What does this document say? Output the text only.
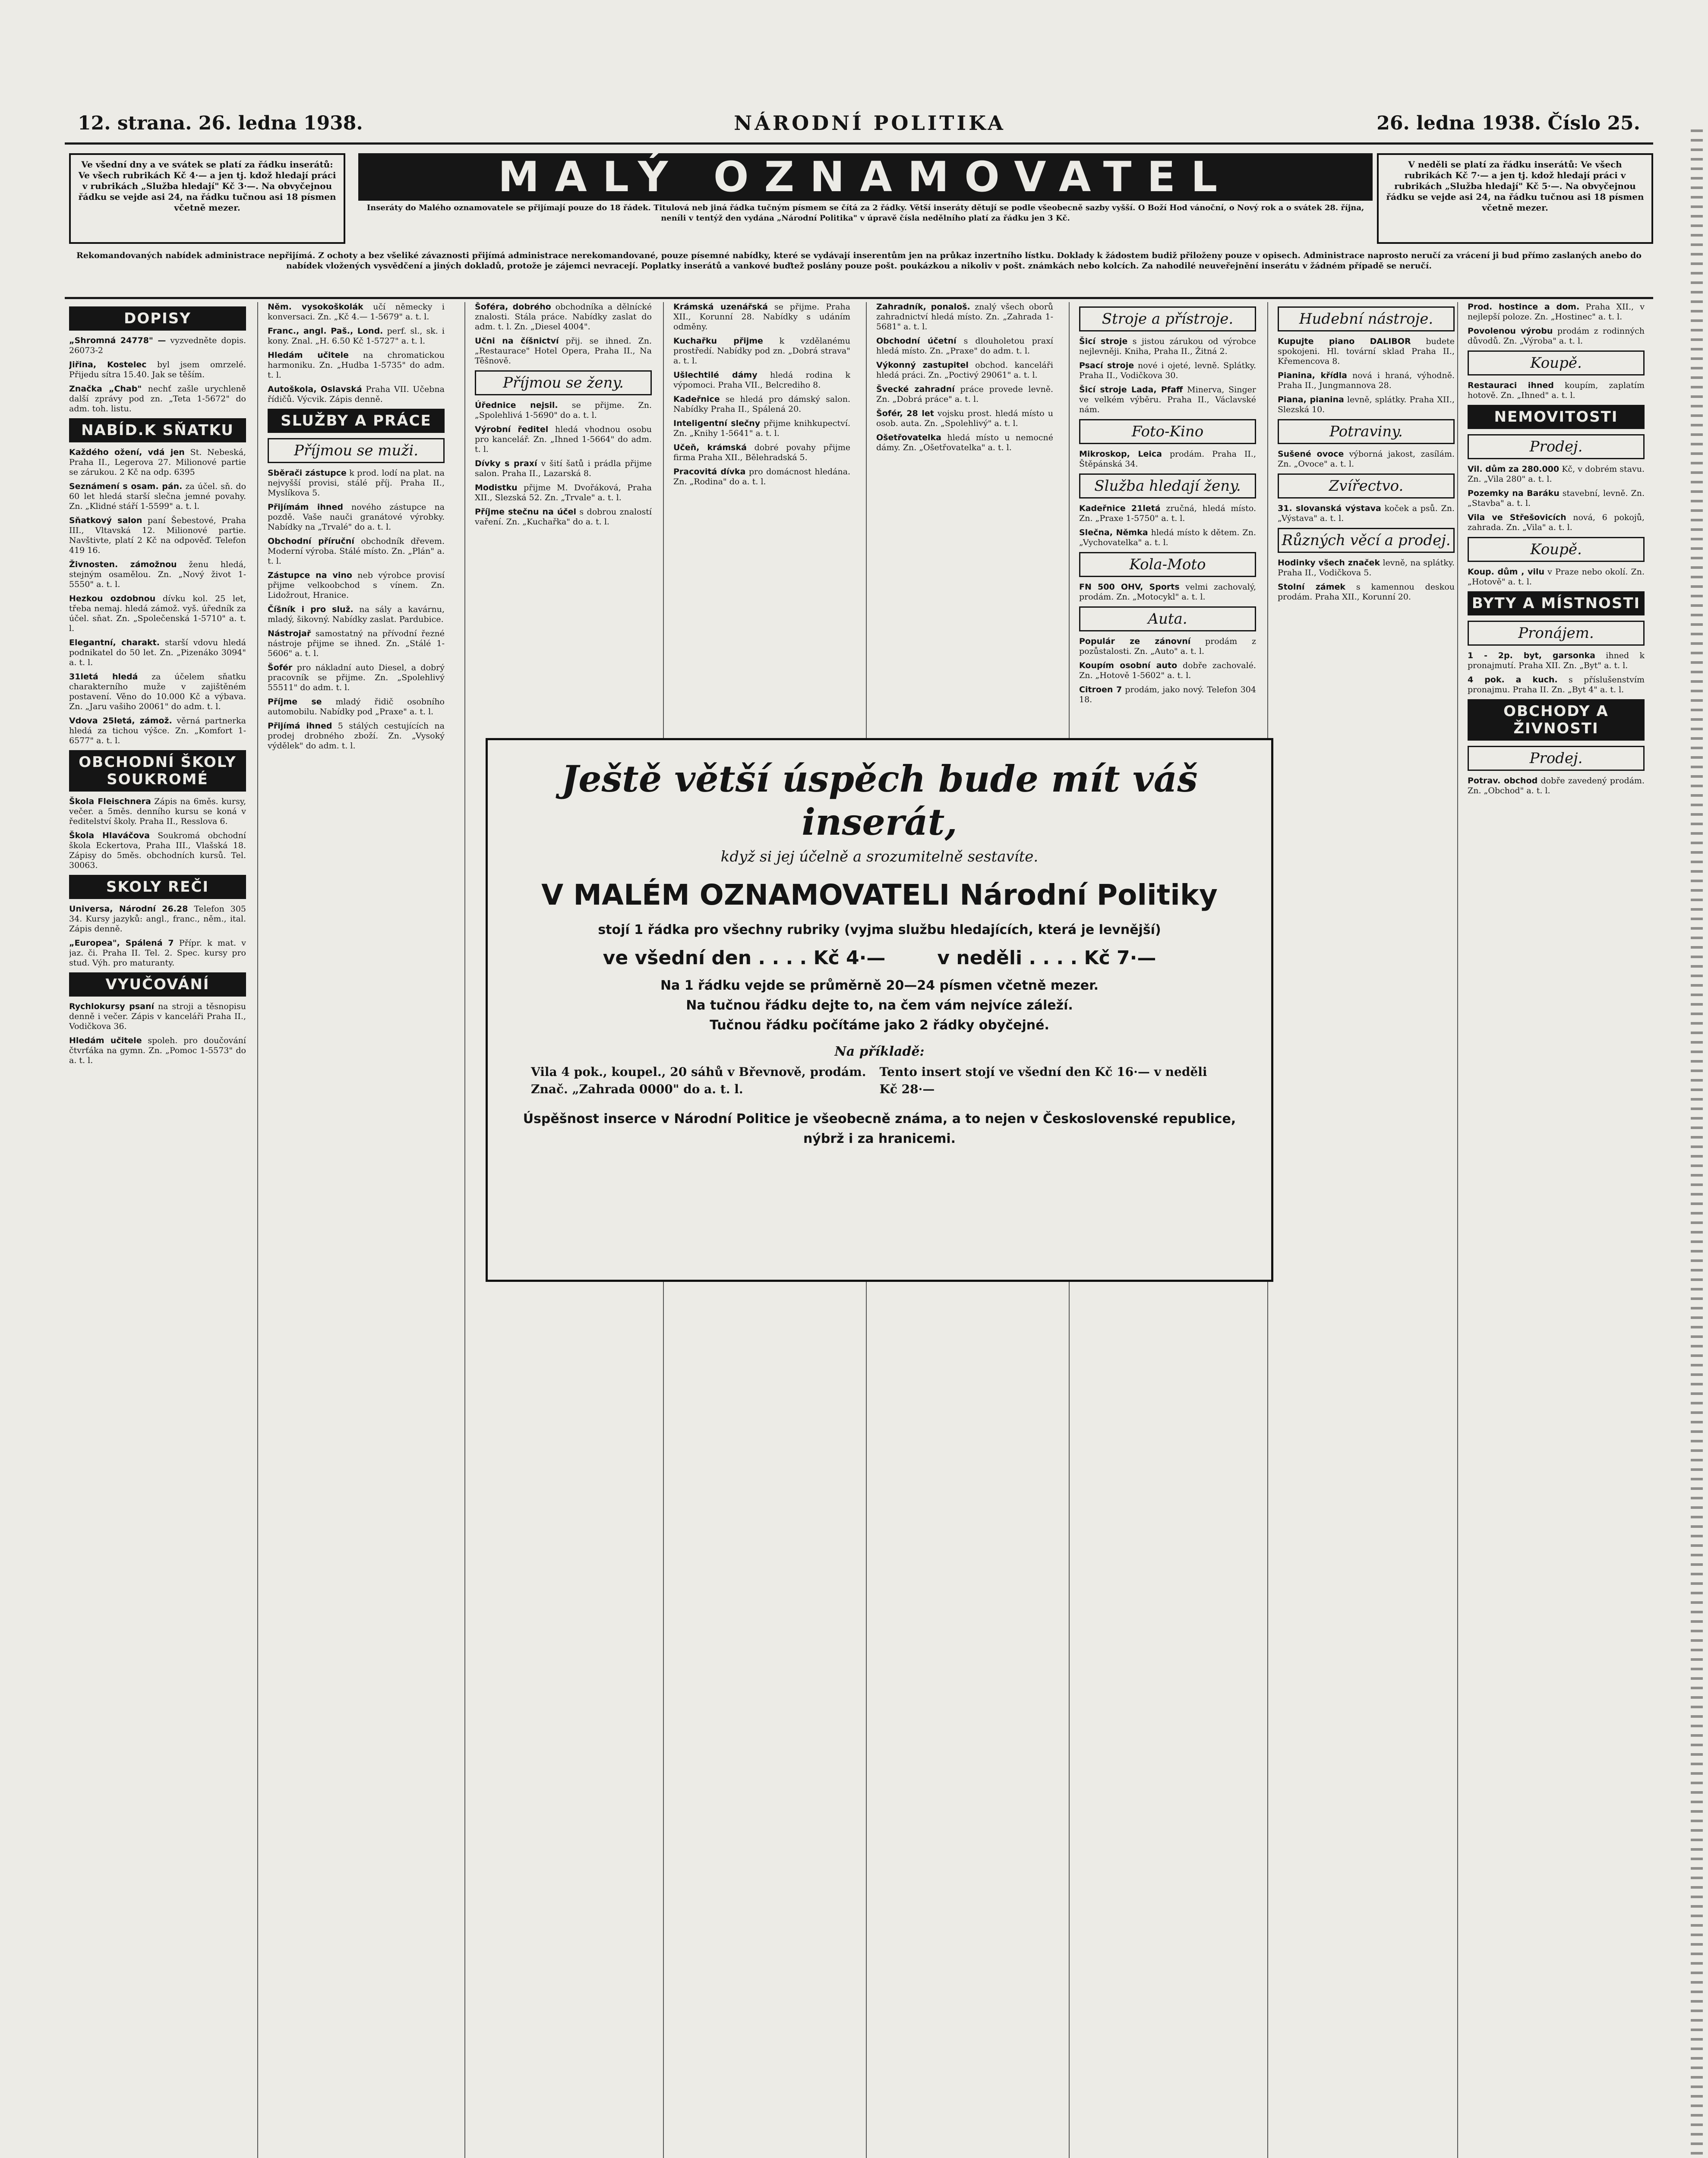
12. strana. 26. ledna 1938.	NÁRODNÍ POLITIKA	26. ledna 1938. Číslo 25.
Ve všední dny a ve svátek se platí za řádku inserátů: Ve všech rubrikách Kč 4·— a jen tj. kdož hledají práci v rubrikách „Služba hledají" Kč 3·—. Na obvyčejnou řádku se vejde asi 24, na řádku tučnou asi 18 písmen včetně mezer.
MALÝ OZNAMOVATEL
Inseráty do Malého oznamovatele se přijímají pouze do 18 řádek. Titulová neb jiná řádka tučným písmem se čítá za 2 řádky. Větší inseráty dětují se podle všeobecně sazby vyšší. O Boží Hod vánoční, o Nový rok a o svátek 28. října, neníli v tentýž den vydána „Národní Politika" v úpravě čísla nedělního platí za řádku jen 3 Kč.
V neděli se platí za řádku inserátů: Ve všech rubrikách Kč 7·— a jen tj. kdož hledají práci v rubrikách „Služba hledají" Kč 5·—. Na obvyčejnou řádku se vejde asi 24, na řádku tučnou asi 18 písmen včetně mezer.
Rekomandovaných nabídek administrace nepřijímá. Z ochoty a bez všeliké závaznosti přijímá administrace nerekomandované, pouze písemné nabídky, které se vydávají inserentům jen na průkaz inzertního lístku. Doklady k žádostem budiž přiloženy pouze v opisech. Administrace naprosto neručí za vrácení ji bud přímo zaslaných anebo do nabídek vložených vysvědčení a jiných dokladů, protože je zájemci nevracejí. Poplatky inserátů a vankové buďtež poslány pouze pošt. poukázkou a nikoliv v pošt. známkách nebo kolcích. Za nahodilé neuveřejnění inserátu v žádném případě se neručí.
DOPISY
„Shromná 24778" — vyzvedněte dopis. 26073-2
Jiřina, Kostelec byl jsem omrzelé. Přijedu sítra 15.40. Jak se těším.
Značka „Chab" nechť zašle urychleně další zprávy pod zn. „Teta 1-5672" do adm. toh. listu.
NABÍD.K SŇATKU
Každého ožení, vdá jen St. Nebeská, Praha II., Legerova 27. Milionové partie se zárukou. 2 Kč na odp. 6395
Seznámení s osam. pán. za účel. sň. do 60 let hledá starší slečna jemné povahy. Zn. „Klidné stáří 1-5599" a. t. l.
Sňatkový salon paní Šebestové, Praha III., Vltavská 12. Milionové partie. Navštivte, platí 2 Kč na odpověď. Telefon 419 16.
Živnosten. zámožnou ženu hledá, stejným osamělou. Zn. „Nový život 1-5550" a. t. l.
Hezkou ozdobnou dívku kol. 25 let, třeba nemaj. hledá zámož. vyš. úředník za účel. sňat. Zn. „Společenská 1-5710" a. t. l.
Elegantní, charakt. starší vdovu hledá podnikatel do 50 let. Zn. „Pizenáko 3094" a. t. l.
31letá hledá za účelem sňatku charakterního muže v zajištěném postavení. Věno do 10.000 Kč a výbava. Zn. „Jaru vašiho 20061" do adm. t. l.
Vdova 25letá, zámož. věrná partnerka hledá za tichou výšce. Zn. „Komfort 1-6577" a. t. l.
OBCHODNÍ ŠKOLY SOUKROMÉ
Škola Fleischnera Zápis na 6měs. kursy, večer. a 5měs. denního kursu se koná v ředitelství školy. Praha II., Resslova 6.
Škola Hlaváčova Soukromá obchodní škola Eckertova, Praha III., Vlašská 18. Zápisy do 5měs. obchodních kursů. Tel. 30063.
SKOLY REČI
Universa, Národní 26.28 Telefon 305 34. Kursy jazyků: angl., franc., něm., ital. Zápis denně.
„Europea", Spálená 7 Přípr. k mat. v jaz. či. Praha II. Tel. 2. Spec. kursy pro stud. Výh. pro maturanty.
VYUČOVÁNÍ
Rychlokursy psaní na stroji a těsnopisu denně i večer. Zápis v kanceláři Praha II., Vodičkova 36.
Hledám učitele spoleh. pro doučování čtvrťáka na gymn. Zn. „Pomoc 1-5573" do a. t. l.
Něm. vysokoškolák učí německy i konversaci. Zn. „Kč 4.— 1-5679" a. t. l.
Franc., angl. Paš., Lond. perf. sl., sk. i kony. Znal. „H. 6.50 Kč 1-5727" a. t. l.
Hledám učitele na chromatickou harmoniku. Zn. „Hudba 1-5735" do adm. t. l.
Autoškola, Oslavská Praha VII. Učebna řídičů. Výcvik. Zápis denně.
SLUŽBY A PRÁCE
Příjmou se muži.
Sběrači zástupce k prod. lodí na plat. na nejvyšší provisi, stálé příj. Praha II., Myslíkova 5.
Přijímám ihned nového zástupce na pozdě. Vaše nauči granátové výrobky. Nabídky na „Trvalé" do a. t. l.
Obchodní příruční obchodník dřevem. Moderní výroba. Stálé místo. Zn. „Plán" a. t. l.
Zástupce na vino neb výrobce provisí přijme velkoobchod s vínem. Zn. Lidožrout, Hranice.
Číšník i pro služ. na sály a kavárnu, mladý, šikovný. Nabídky zaslat. Pardubice.
Nástrojař samostatný na přívodní řezné nástroje přijme se ihned. Zn. „Stálé 1-5606" a. t. l.
Šofér pro nákladní auto Diesel, a dobrý pracovník se přijme. Zn. „Spolehlivý 55511" do adm. t. l.
Příjme se mladý řidič osobního automobilu. Nabídky pod „Praxe" a. t. l.
Přijímá ihned 5 stálých cestujících na prodej drobného zboží. Zn. „Vysoký výdělek" do adm. t. l.
Šoféra, dobrého obchodníka a dělnícké znalosti. Stála práce. Nabídky zaslat do adm. t. l. Zn. „Diesel 4004".
Učni na číšnictví přij. se ihned. Zn. „Restaurace" Hotel Opera, Praha II., Na Těšnově.
Příjmou se ženy.
Úřednice nejsil. se přijme. Zn. „Spolehlivá 1-5690" do a. t. l.
Výrobní ředitel hledá vhodnou osobu pro kancelář. Zn. „Ihned 1-5664" do adm. t. l.
Dívky s praxí v šití šatů i prádla přijme salon. Praha II., Lazarská 8.
Modistku přijme M. Dvořáková, Praha XII., Slezská 52. Zn. „Trvale" a. t. l.
Příjme stečnu na účel s dobrou znalostí vaření. Zn. „Kuchařka" do a. t. l.
Krámská uzenářská se přijme. Praha XII., Korunní 28. Nabídky s udáním odměny.
Kuchařku přijme k vzdělanému prostředí. Nabídky pod zn. „Dobrá strava" a. t. l.
Ušlechtilé dámy hledá rodina k výpomoci. Praha VII., Belcrediho 8.
Kadeřnice se hledá pro dámský salon. Nabídky Praha II., Spálená 20.
Inteligentní slečny přijme knihkupectví. Zn. „Knihy 1-5641" a. t. l.
Učeň, krámská dobré povahy přijme firma Praha XII., Bělehradská 5.
Pracovitá dívka pro domácnost hledána. Zn. „Rodina" do a. t. l.
Zahradník, ponaloš. znalý všech oborů zahradnictví hledá místo. Zn. „Zahrada 1-5681" a. t. l.
Obchodní účetní s dlouholetou praxí hledá místo. Zn. „Praxe" do adm. t. l.
Výkonný zastupitel obchod. kanceláři hledá práci. Zn. „Poctivý 29061" a. t. l.
Švecké zahradní práce provede levně. Zn. „Dobrá práce" a. t. l.
Šofér, 28 let vojsku prost. hledá místo u osob. auta. Zn. „Spolehlivý" a. t. l.
Ošetřovatelka hledá místo u nemocné dámy. Zn. „Ošetřovatelka" a. t. l.
Stroje a přístroje.
Šicí stroje s jistou zárukou od výrobce nejlevněji. Kniha, Praha II., Žitná 2.
Psací stroje nové i ojeté, levně. Splátky. Praha II., Vodičkova 30.
Šicí stroje Lada, Pfaff Minerva, Singer ve velkém výběru. Praha II., Václavské nám.
Foto-Kino
Mikroskop, Leica prodám. Praha II., Štěpánská 34.
Služba hledají ženy.
Kadeřnice 21letá zručná, hledá místo. Zn. „Praxe 1-5750" a. t. l.
Slečna, Němka hledá místo k dětem. Zn. „Vychovatelka" a. t. l.
Kola-Moto
FN 500 OHV, Sports velmi zachovalý, prodám. Zn. „Motocykl" a. t. l.
Auta.
Populár ze zánovní prodám z pozůstalosti. Zn. „Auto" a. t. l.
Koupím osobní auto dobře zachovalé. Zn. „Hotově 1-5602" a. t. l.
Citroen 7 prodám, jako nový. Telefon 304 18.
Hudební nástroje.
Kupujte piano DALIBOR budete spokojeni. Hl. tovární sklad Praha II., Křemencova 8.
Pianina, křídla nová i hraná, výhodně. Praha II., Jungmannova 28.
Piana, pianina levně, splátky. Praha XII., Slezská 10.
Potraviny.
Sušené ovoce výborná jakost, zasílám. Zn. „Ovoce" a. t. l.
Zvířectvo.
31. slovanská výstava koček a psů. Zn. „Výstava" a. t. l.
Různých věcí a prodej.
Hodinky všech značek levně, na splátky. Praha II., Vodičkova 5.
Stolní zámek s kamennou deskou prodám. Praha XII., Korunní 20.
Prod. hostince a dom. Praha XII., v nejlepší poloze. Zn. „Hostinec" a. t. l.
Povolenou výrobu prodám z rodinných důvodů. Zn. „Výroba" a. t. l.
Koupě.
Restauraci ihned koupím, zaplatím hotově. Zn. „Ihned" a. t. l.
NEMOVITOSTI
Prodej.
Vil. dům za 280.000 Kč, v dobrém stavu. Zn. „Vila 280" a. t. l.
Pozemky na Baráku stavební, levně. Zn. „Stavba" a. t. l.
Vila ve Střešovicích nová, 6 pokojů, zahrada. Zn. „Vila" a. t. l.
Koupě.
Koup. dům , vilu v Praze nebo okolí. Zn. „Hotově" a. t. l.
BYTY A MÍSTNOSTI
Pronájem.
1 - 2p. byt, garsonka ihned k pronajmutí. Praha XII. Zn. „Byt" a. t. l.
4 pok. a kuch. s příslušenstvím pronajmu. Praha II. Zn. „Byt 4" a. t. l.
OBCHODY A ŽIVNOSTI
Prodej.
Potrav. obchod dobře zavedený prodám. Zn. „Obchod" a. t. l.
Ještě větší úspěch bude mít váš inserát,
když si jej účelně a srozumitelně sestavíte.
V MALÉM OZNAMOVATELI Národní Politiky
stojí 1 řádka pro všechny rubriky (vyjma službu hledajících, která je levnější)
ve všední den . . . . Kč 4·—	v neděli . . . . Kč 7·—
Na 1 řádku vejde se průměrně 20—24 písmen včetně mezer.
Na tučnou řádku dejte to, na čem vám nejvíce záleží.
Tučnou řádku počítáme jako 2 řádky obyčejné.
Na příkladě:
Vila 4 pok., koupel., 20 sáhů v Břevnově, prodám. Znač. „Zahrada 0000" do a. t. l.
Tento insert stojí ve všední den Kč 16·— v neděli Kč 28·—
Úspěšnost inserce v Národní Politice je všeobecně známa, a to nejen v Československé republice, nýbrž i za hranicemi.
